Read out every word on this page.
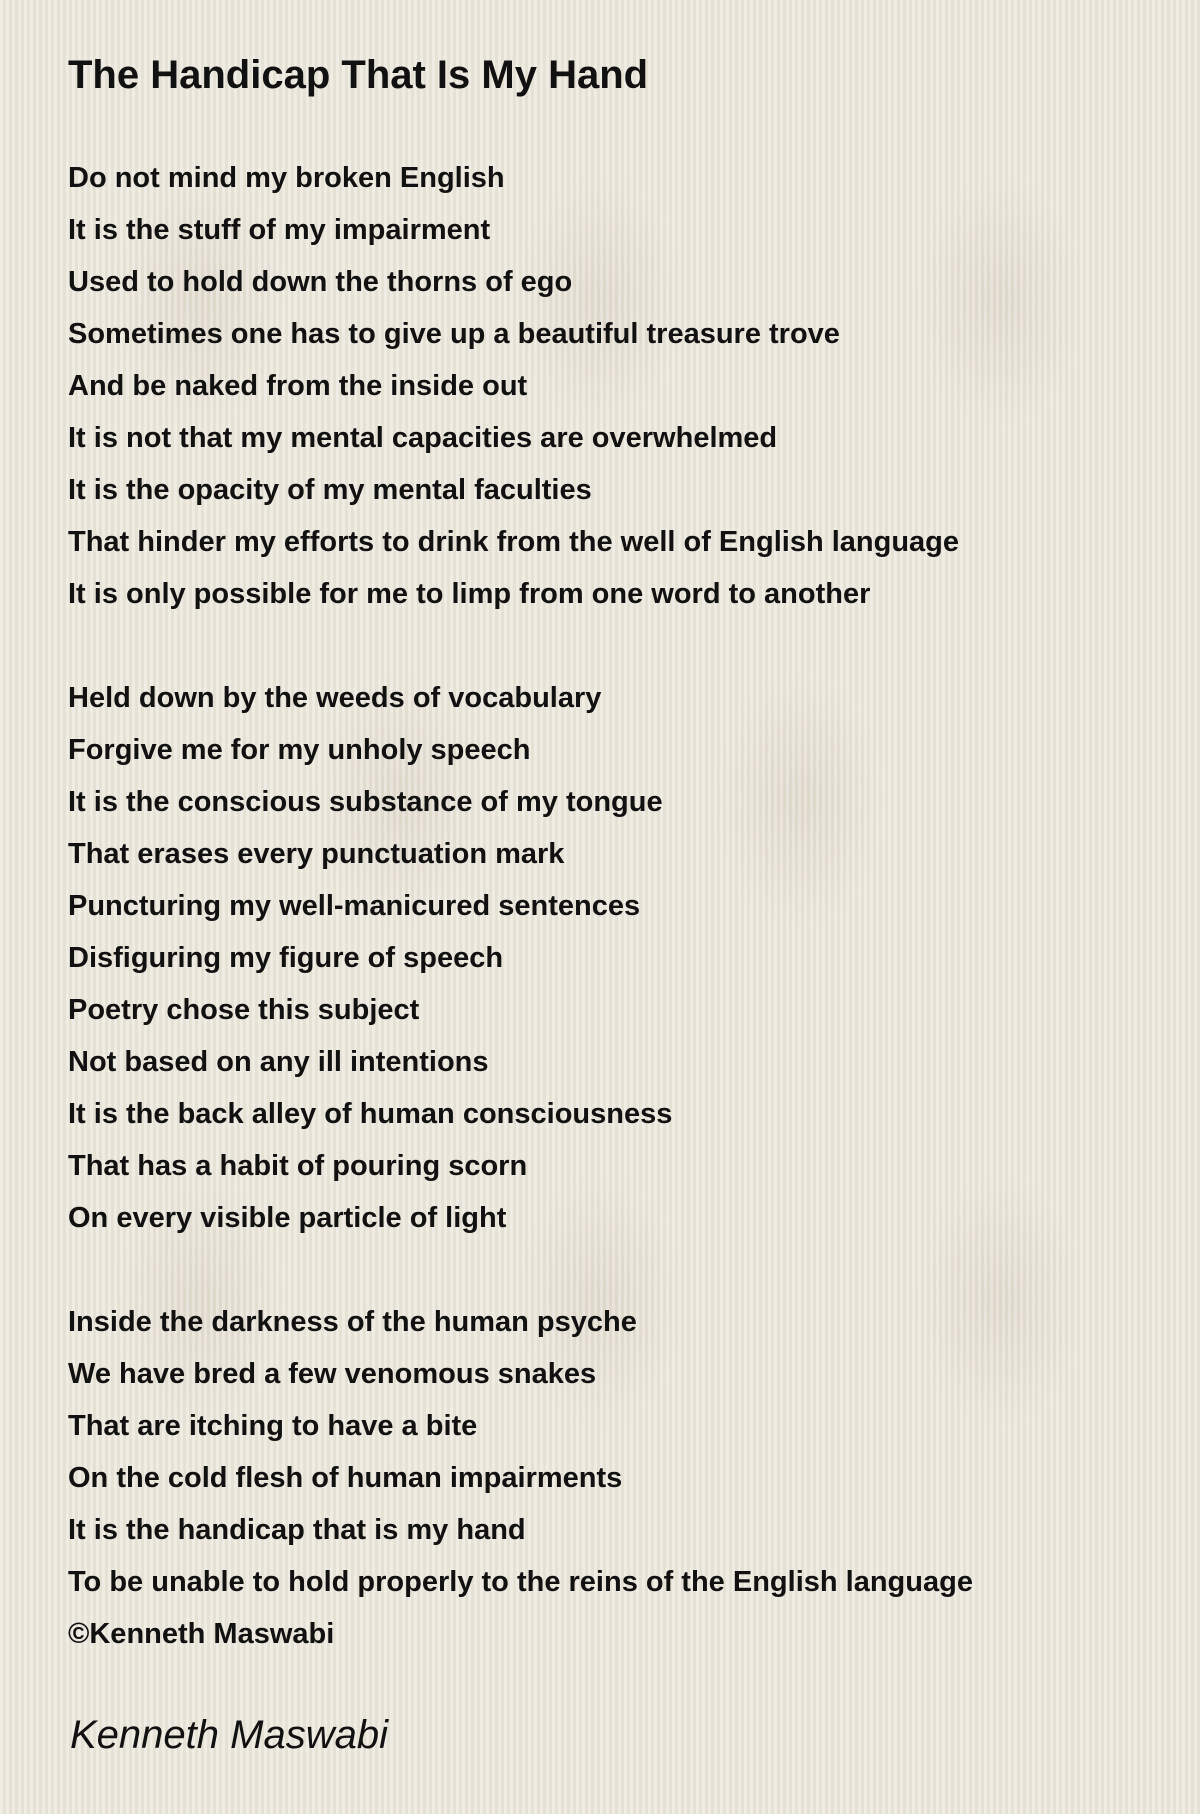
The Handicap That Is My Hand
Do not mind my broken English
It is the stuff of my impairment
Used to hold down the thorns of ego
Sometimes one has to give up a beautiful treasure trove
And be naked from the inside out
It is not that my mental capacities are overwhelmed
It is the opacity of my mental faculties
That hinder my efforts to drink from the well of English language
It is only possible for me to limp from one word to another
Held down by the weeds of vocabulary
Forgive me for my unholy speech
It is the conscious substance of my tongue
That erases every punctuation mark
Puncturing my well-manicured sentences
Disfiguring my figure of speech
Poetry chose this subject
Not based on any ill intentions
It is the back alley of human consciousness
That has a habit of pouring scorn
On every visible particle of light
Inside the darkness of the human psyche
We have bred a few venomous snakes
That are itching to have a bite
On the cold flesh of human impairments
It is the handicap that is my hand
To be unable to hold properly to the reins of the English language
©Kenneth Maswabi
Kenneth Maswabi
